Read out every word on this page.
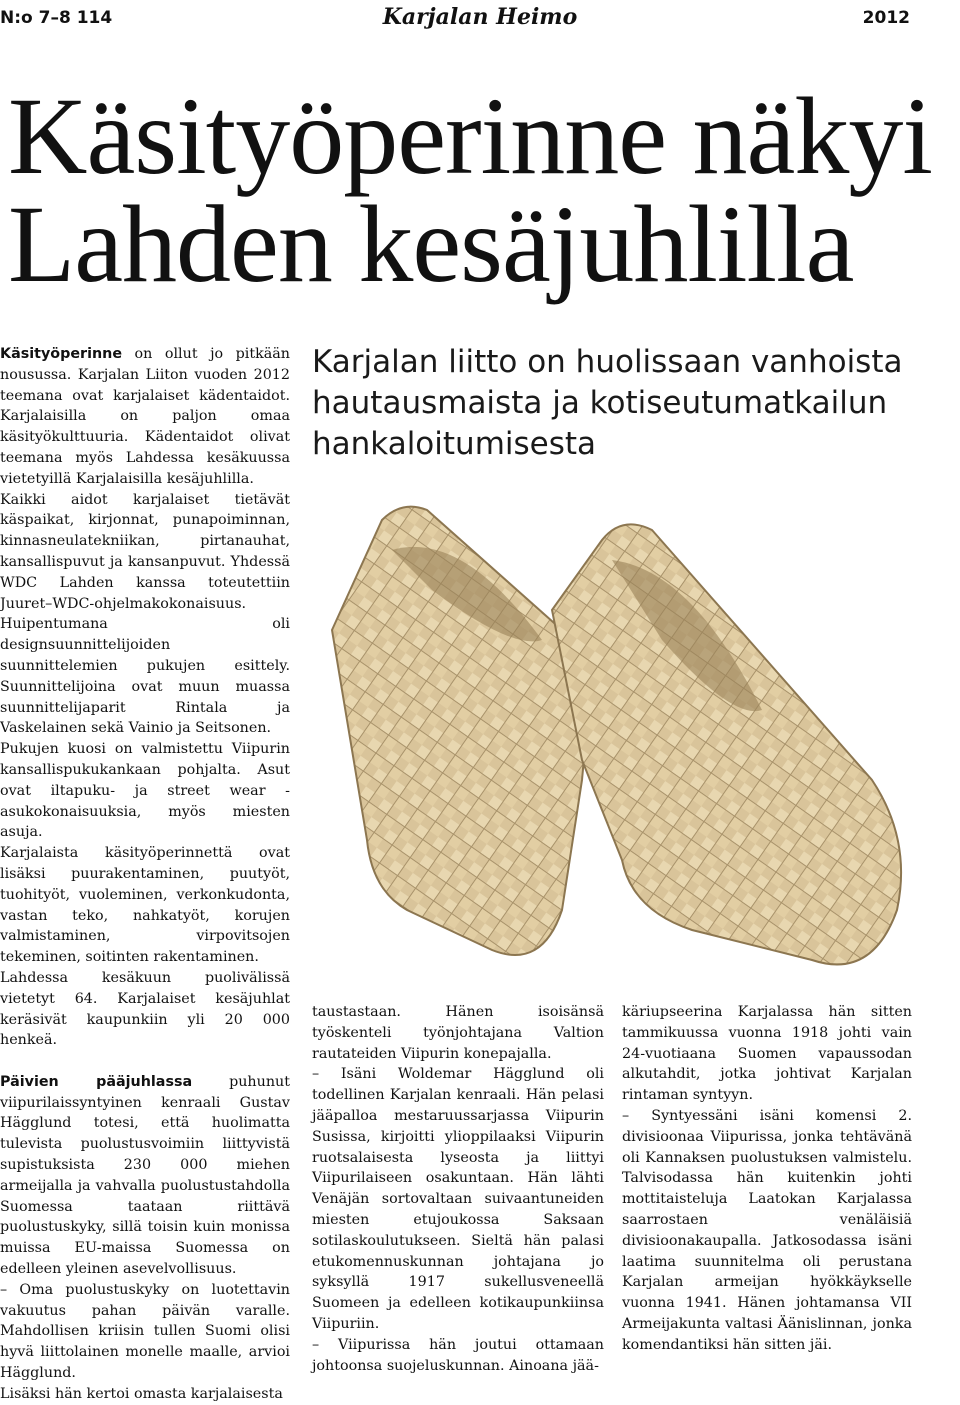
N:o 7–8 114	Karjalan Heimo	2012
Käsityöperinne näkyi
Lahden kesäjuhlilla

Käsityöperinne on ollut jo pitkään nousussa. Karjalan Liiton vuoden 2012 teemana ovat karjalaiset kädentaidot. Karjalaisilla on paljon omaa käsityökulttuuria. Kädentaidot olivat teemana myös Lahdessa kesäkuussa vietetyillä Karjalaisilla kesäjuhlilla.

Kaikki aidot karjalaiset tietävät käspaikat, kirjonnat, punapoiminnan, kinnasneulatekniikan, pirtanauhat, kansallispuvut ja kansanpuvut. Yhdessä WDC Lahden kanssa toteutettiin Juuret–WDC-ohjelmakokonaisuus. Huipentumana oli designsuunnittelijoiden suunnittelemien pukujen esittely. Suunnittelijoina ovat muun muassa suunnittelijaparit Rintala ja Vaskelainen sekä Vainio ja Seitsonen.

Pukujen kuosi on valmistettu Viipurin kansallispukukankaan pohjalta. Asut ovat iltapuku- ja street wear -asukokonaisuuksia, myös miesten asuja.

Karjalaista käsityöperinnettä ovat lisäksi puurakentaminen, puutyöt, tuohityöt, vuoleminen, verkonkudonta, vastan teko, nahkatyöt, korujen valmistaminen, virpovitsojen tekeminen, soitinten rakentaminen.

Lahdessa kesäkuun puolivälissä vietetyt 64. Karjalaiset kesäjuhlat keräsivät kaupunkiin yli 20 000 henkeä.

Päivien pääjuhlassa puhunut viipurilaissyntyinen kenraali Gustav Hägglund totesi, että huolimatta tulevista puolustusvoimiin liittyvistä supistuksista 230 000 miehen armeijalla ja vahvalla puolustustahdolla Suomessa taataan riittävä puolustuskyky, sillä toisin kuin monissa muissa EU-maissa Suomessa on edelleen yleinen asevelvollisuus.

– Oma puolustuskyky on luotettavin vakuutus pahan päivän varalle. Mahdollisen kriisin tullen Suomi olisi hyvä liittolainen monelle maalle, arvioi Hägglund.

Lisäksi hän kertoi omasta karjalaisesta

Karjalan liitto on huolissaan vanhoista hautausmaista ja kotiseutumatkailun hankaloitumisesta

taustastaan. Hänen isoisänsä työskenteli työnjohtajana Valtion rautateiden Viipurin konepajalla.

– Isäni Woldemar Hägglund oli todellinen Karjalan kenraali. Hän pelasi jääpalloa mestaruussarjassa Viipurin Susissa, kirjoitti ylioppilaaksi Viipurin ruotsalaisesta lyseosta ja liittyi Viipurilaiseen osakuntaan. Hän lähti Venäjän sortovaltaan suivaantuneiden miesten etujoukossa Saksaan sotilaskoulutukseen. Sieltä hän palasi etukomennuskunnan johtajana jo syksyllä 1917 sukellusveneellä Suomeen ja edelleen kotikaupunkiinsa Viipuriin.

– Viipurissa hän joutui ottamaan johtoonsa suojeluskunnan. Ainoana jää-

käriupseerina Karjalassa hän sitten tammikuussa vuonna 1918 johti vain 24-vuotiaana Suomen vapaussodan alkutahdit, jotka johtivat Karjalan rintaman syntyyn.

– Syntyessäni isäni komensi 2. divisioonaa Viipurissa, jonka tehtävänä oli Kannaksen puolustuksen valmistelu. Talvisodassa hän kuitenkin johti mottitaisteluja Laatokan Karjalassa saarrostaen venäläisiä divisioonakaupalla. Jatkosodassa isäni laatima suunnitelma oli perustana Karjalan armeijan hyökkäykselle vuonna 1941. Hänen johtamansa VII Armeijakunta valtasi Äänislinnan, jonka komendantiksi hän sitten jäi.
